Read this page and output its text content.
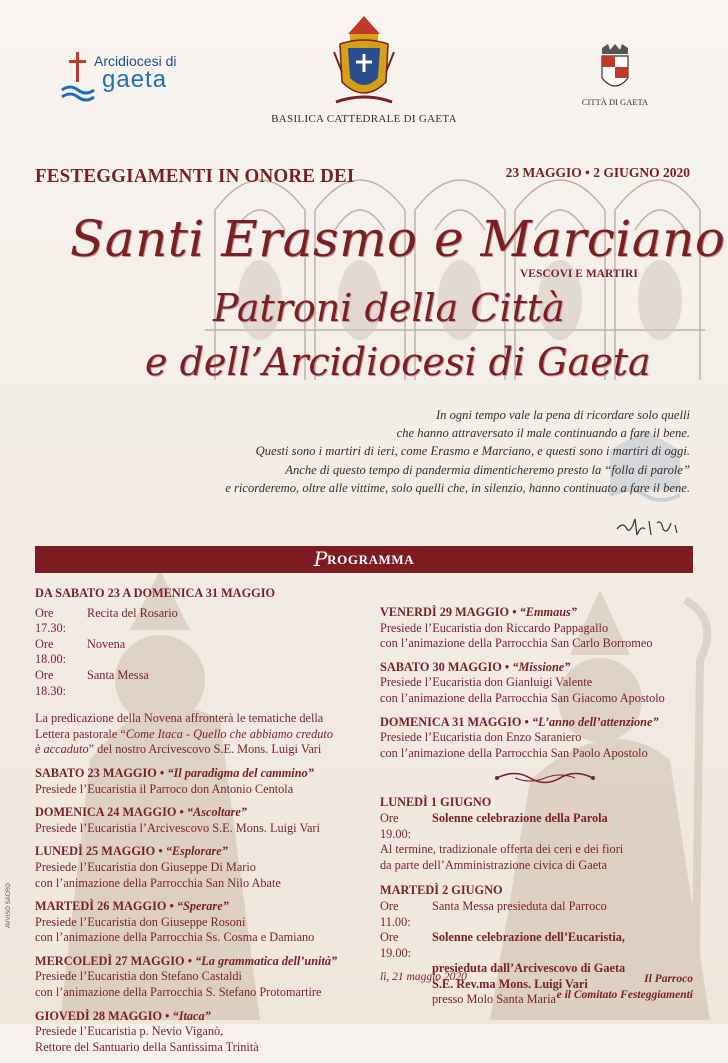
Arcidiocesi di
gaeta
BASILICA CATTEDRALE DI GAETA
CITTÀ DI GAETA
FESTEGGIAMENTI IN ONORE DEI	23 MAGGIO • 2 GIUGNO 2020
Santi Erasmo e Marciano
VESCOVI E MARTIRI
Patroni della Città
e dell’Arcidiocesi di Gaeta
In ogni tempo vale la pena di ricordare solo quelli
che hanno attraversato il male continuando a fare il bene.
Questi sono i martiri di ieri, come Erasmo e Marciano, e questi sono i martiri di oggi.
Anche di questo tempo di pandermia dimenticheremo presto la “folla di parole”
e ricorderemo, oltre alle vittime, solo quelli che, in silenzio, hanno continuato a fare il bene.
PROGRAMMA
DA SABATO 23 A DOMENICA 31 MAGGIO
Ore 17.30:
Recita del Rosario
Ore 18.00:
Novena
Ore 18.30:
Santa Messa
La predicazione della Novena affronterà le tematiche della
Lettera pastorale “Come Itaca - Quello che abbiamo creduto
è accaduto” del nostro Arcivescovo S.E. Mons. Luigi Vari
SABATO 23 MAGGIO • “Il paradigma del cammino”
Presiede l’Eucaristia il Parroco don Antonio Centola
DOMENICA 24 MAGGIO • “Ascoltare”
Presiede l’Eucaristia l’Arcivescovo S.E. Mons. Luigi Vari
LUNEDÌ 25 MAGGIO • “Esplorare”
Presiede l’Eucaristia don Giuseppe Di Mario
con l’animazione della Parrocchia San Nilo Abate
MARTEDÌ 26 MAGGIO • “Sperare”
Presiede l’Eucaristia don Giuseppe Rosoni
con l’animazione della Parrocchia Ss. Cosma e Damiano
MERCOLEDÌ 27 MAGGIO • “La grammatica dell’unità”
Presiede l’Eucaristia don Stefano Castaldi
con l’animazione della Parrocchia S. Stefano Protomartire
GIOVEDÌ 28 MAGGIO • “Itaca”
Presiede l’Eucaristia p. Nevio Viganò,
Rettore del Santuario della Santissima Trinità
VENERDÌ 29 MAGGIO • “Emmaus”
Presiede l’Eucaristia don Riccardo Pappagallo
con l’animazione della Parrocchia San Carlo Borromeo
SABATO 30 MAGGIO • “Missione”
Presiede l’Eucaristia don Gianluigi Valente
con l’animazione della Parrocchia San Giacomo Apostolo
DOMENICA 31 MAGGIO • “L’anno dell’attenzione”
Presiede l’Eucaristia don Enzo Saraniero
con l’animazione della Parrocchia San Paolo Apostolo
LUNEDÌ 1 GIUGNO
Ore 19.00:
Solenne celebrazione della Parola
Al termine, tradizionale offerta dei ceri e dei fiori
da parte dell’Amministrazione civica di Gaeta
MARTEDÌ 2 GIUGNO
Ore 11.00:
Santa Messa presieduta dal Parroco
Ore 19.00:
Solenne celebrazione dell’Eucaristia,
presieduta dall’Arcivescovo di Gaeta
S.E. Rev.ma Mons. Luigi Vari
presso Molo Santa Maria
AVVISO SACRO
lì, 21 maggio 2020	Il Parroco
e il Comitato Festeggiamenti
